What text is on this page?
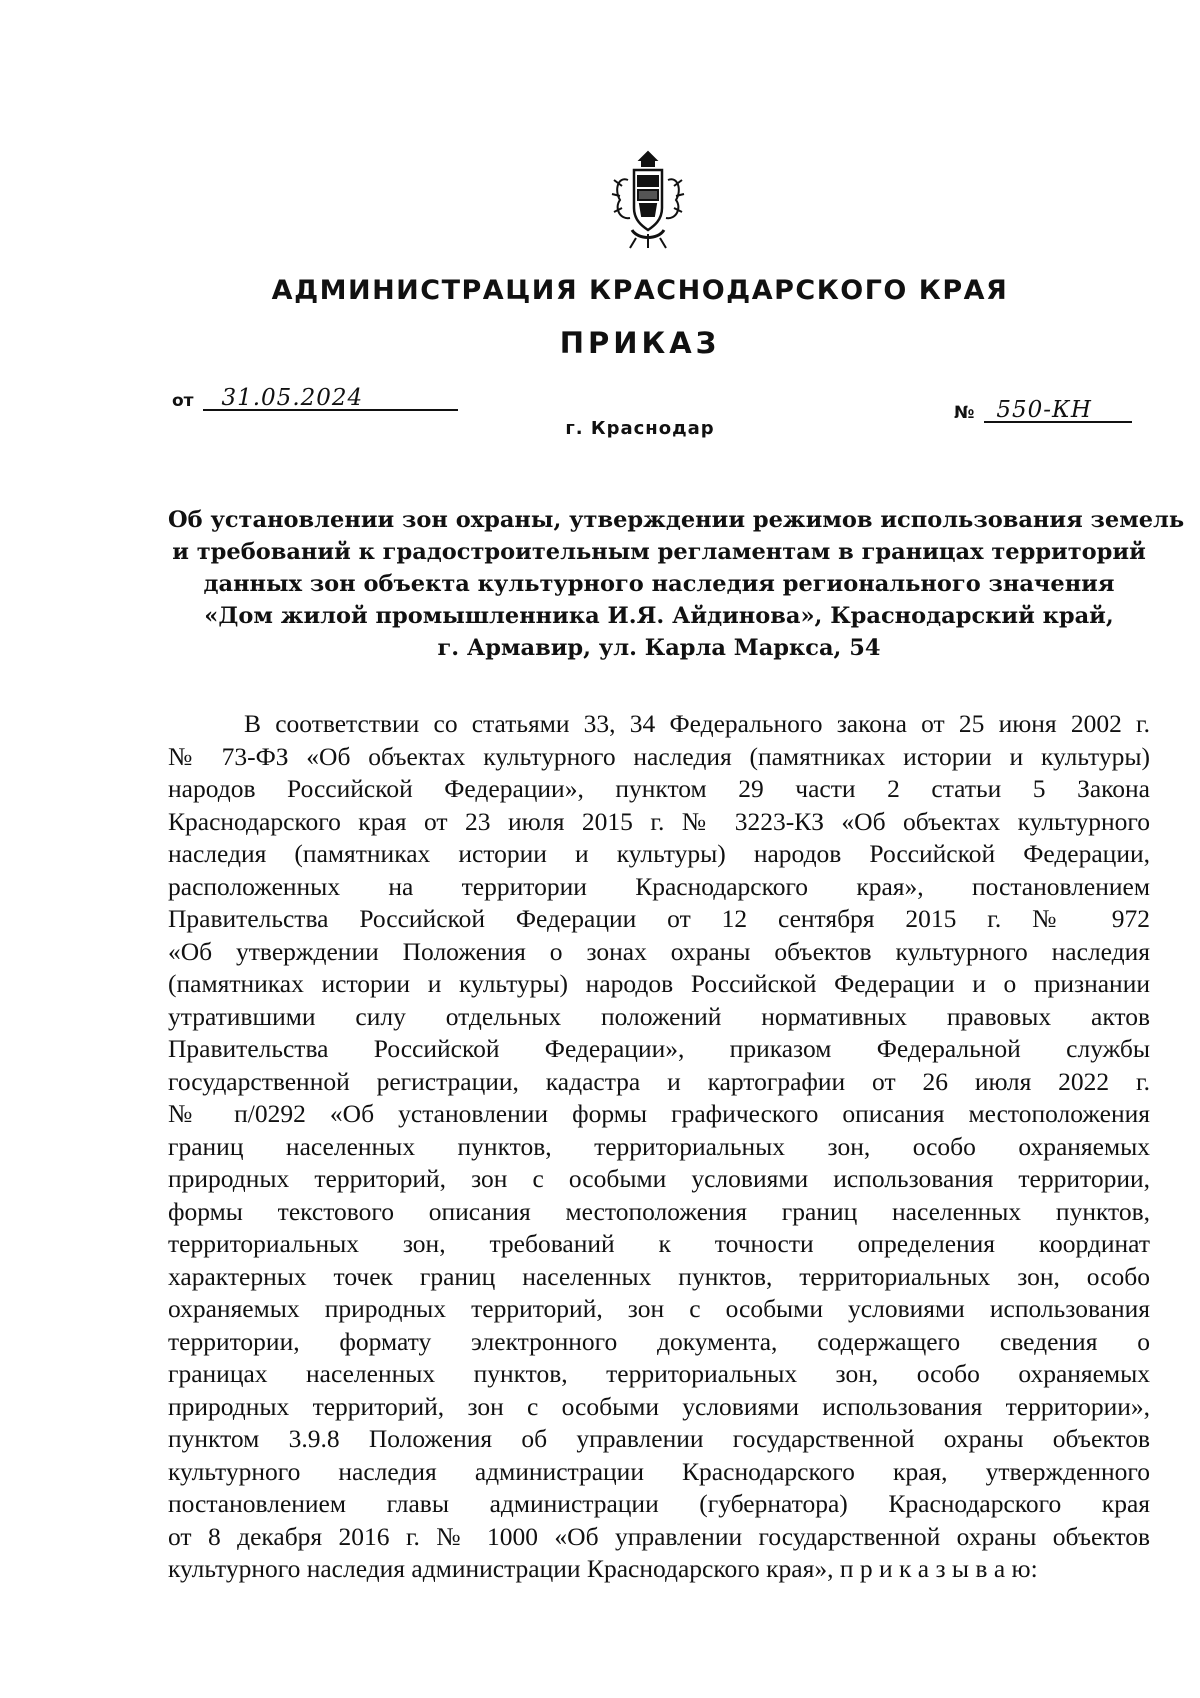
АДМИНИСТРАЦИЯ КРАСНОДАРСКОГО КРАЯ
ПРИКАЗ
от 31.05.2024
№ 550-КН
г. Краснодар
Об установлении зон охраны, утверждении режимов использования земель
и требований к градостроительным регламентам в границах территорий
данных зон объекта культурного наследия регионального значения
«Дом жилой промышленника И.Я. Айдинова», Краснодарский край,
г. Армавир, ул. Карла Маркса, 54
В соответствии со статьями 33, 34 Федерального закона от 25 июня 2002 г.
№ 73-ФЗ «Об объектах культурного наследия (памятниках истории и культуры)
народов Российской Федерации», пунктом 29 части 2 статьи 5 Закона
Краснодарского края от 23 июля 2015 г. № 3223-КЗ «Об объектах культурного
наследия (памятниках истории и культуры) народов Российской Федерации,
расположенных на территории Краснодарского края», постановлением
Правительства Российской Федерации от 12 сентября 2015 г. № 972
«Об утверждении Положения о зонах охраны объектов культурного наследия
(памятниках истории и культуры) народов Российской Федерации и о признании
утратившими силу отдельных положений нормативных правовых актов
Правительства Российской Федерации», приказом Федеральной службы
государственной регистрации, кадастра и картографии от 26 июля 2022 г.
№ п/0292 «Об установлении формы графического описания местоположения
границ населенных пунктов, территориальных зон, особо охраняемых
природных территорий, зон с особыми условиями использования территории,
формы текстового описания местоположения границ населенных пунктов,
территориальных зон, требований к точности определения координат
характерных точек границ населенных пунктов, территориальных зон, особо
охраняемых природных территорий, зон с особыми условиями использования
территории, формату электронного документа, содержащего сведения о
границах населенных пунктов, территориальных зон, особо охраняемых
природных территорий, зон с особыми условиями использования территории»,
пунктом 3.9.8 Положения об управлении государственной охраны объектов
культурного наследия администрации Краснодарского края, утвержденного
постановлением главы администрации (губернатора) Краснодарского края
от 8 декабря 2016 г. № 1000 «Об управлении государственной охраны объектов
культурного наследия администрации Краснодарского края», п р и к а з ы в а ю:
